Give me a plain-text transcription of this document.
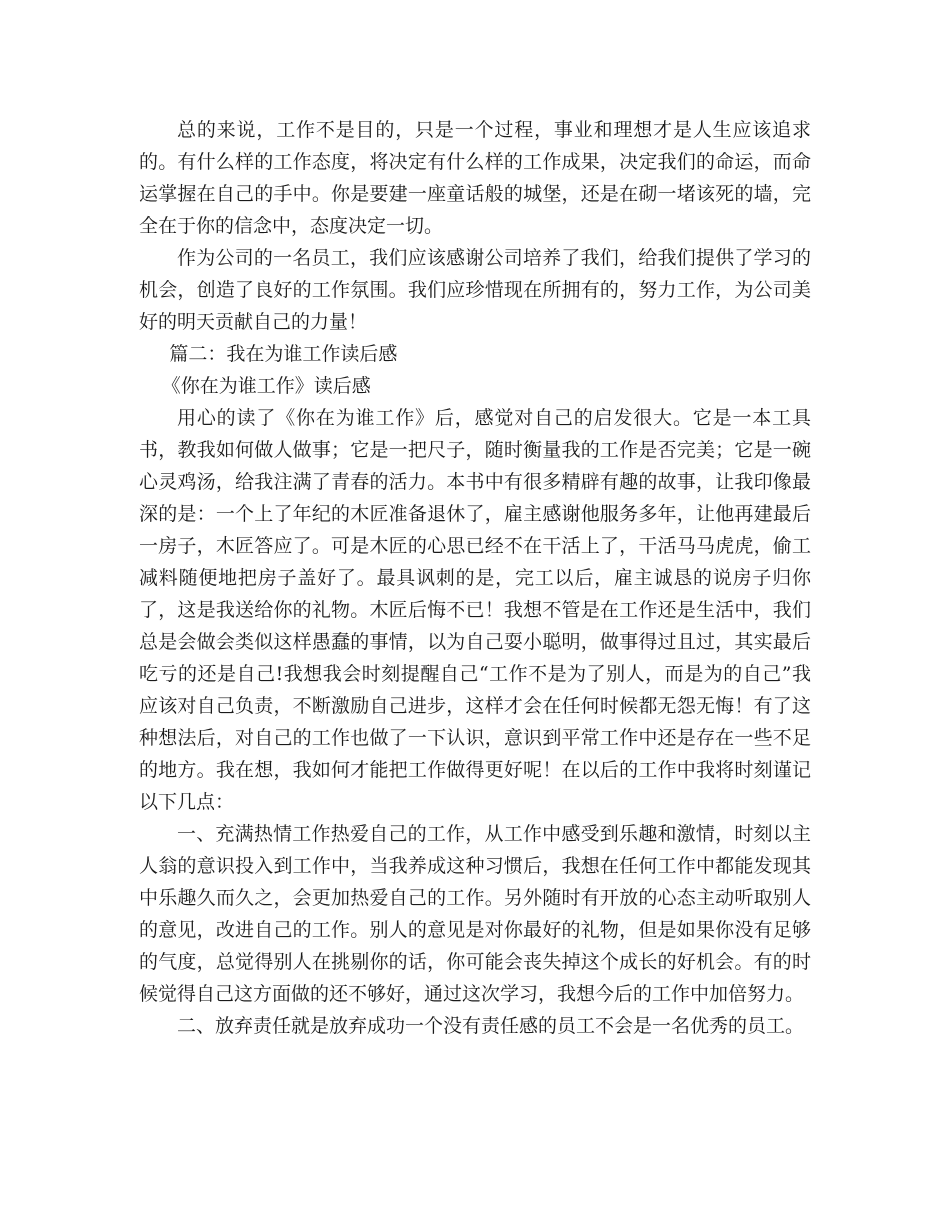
总的来说，工作不是目的，只是一个过程，事业和理想才是人生应该追求的。有什么样的工作态度，将决定有什么样的工作成果，决定我们的命运，而命运掌握在自己的手中。你是要建一座童话般的城堡，还是在砌一堵该死的墙，完全在于你的信念中，态度决定一切。

作为公司的一名员工，我们应该感谢公司培养了我们，给我们提供了学习的机会，创造了良好的工作氛围。我们应珍惜现在所拥有的，努力工作，为公司美好的明天贡献自己的力量！

篇二：我在为谁工作读后感

《你在为谁工作》读后感

用心的读了《你在为谁工作》后，感觉对自己的启发很大。它是一本工具书，教我如何做人做事；它是一把尺子，随时衡量我的工作是否完美；它是一碗心灵鸡汤，给我注满了青春的活力。本书中有很多精辟有趣的故事，让我印像最深的是：一个上了年纪的木匠准备退休了，雇主感谢他服务多年，让他再建最后一房子，木匠答应了。可是木匠的心思已经不在干活上了，干活马马虎虎，偷工减料随便地把房子盖好了。最具讽刺的是，完工以后，雇主诚恳的说房子归你了，这是我送给你的礼物。木匠后悔不已！我想不管是在工作还是生活中，我们总是会做会类似这样愚蠢的事情，以为自己耍小聪明，做事得过且过，其实最后吃亏的还是自己!我想我会时刻提醒自己“工作不是为了别人，而是为的自己”我应该对自己负责，不断激励自己进步，这样才会在任何时候都无怨无悔！有了这种想法后，对自己的工作也做了一下认识，意识到平常工作中还是存在一些不足的地方。我在想，我如何才能把工作做得更好呢！在以后的工作中我将时刻谨记以下几点：

一、充满热情工作热爱自己的工作，从工作中感受到乐趣和激情，时刻以主人翁的意识投入到工作中，当我养成这种习惯后，我想在任何工作中都能发现其中乐趣久而久之，会更加热爱自己的工作。另外随时有开放的心态主动听取别人的意见，改进自己的工作。别人的意见是对你最好的礼物，但是如果你没有足够的气度，总觉得别人在挑剔你的话，你可能会丧失掉这个成长的好机会。有的时候觉得自己这方面做的还不够好，通过这次学习，我想今后的工作中加倍努力。

二、放弃责任就是放弃成功一个没有责任感的员工不会是一名优秀的员工。
